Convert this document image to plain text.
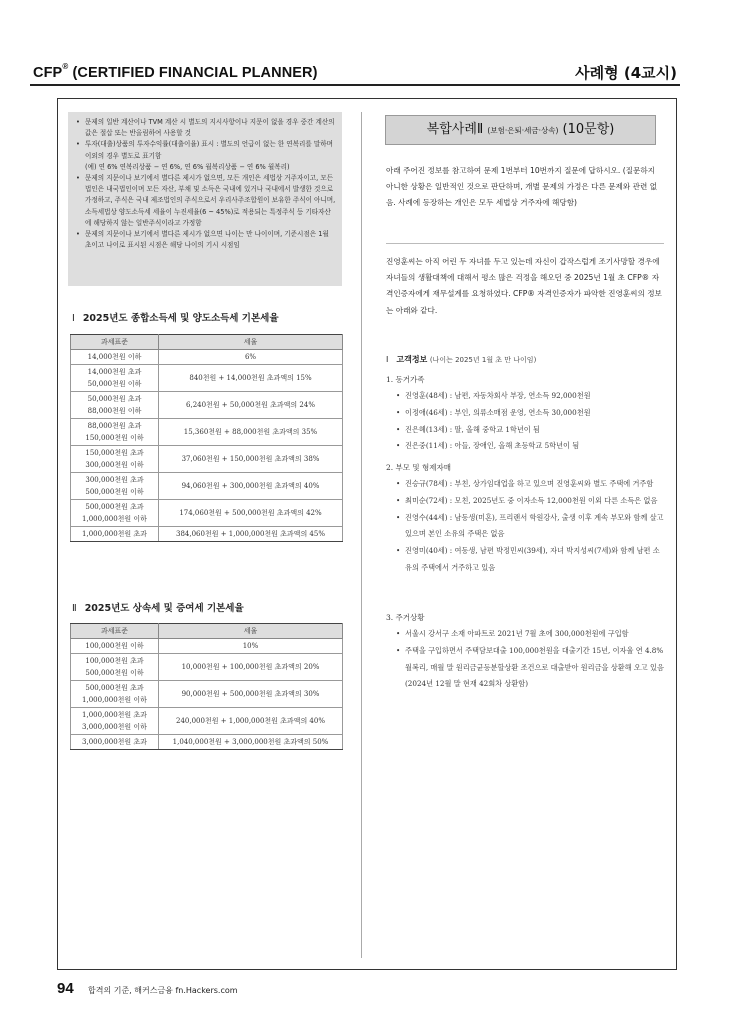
CFP® (CERTIFIED FINANCIAL PLANNER)	사례형 (4교시)
• 문제의 일반 계산이나 TVM 계산 시 별도의 지시사항이나 지문이 없을 경우 중간 계산의 값은 절삽 또는 반올림하여 사용할 것
• 투자(대출)상품의 투자수익률(대출이율) 표시 : 별도의 언급이 없는 한 연복리를 말하며 이외의 경우 별도로 표기함
(예) 연 6% 연복리상품 − 연 6%, 연 6% 월복리상품 − 연 6% 월복리)
• 문제의 지문이나 보기에서 별다른 제시가 없으면, 모든 개인은 세법상 거주자이고, 모든 법인은 내국법인이며 모든 자산, 부채 및 소득은 국내에 있거나 국내에서 발생한 것으로 가정하고, 주식은 국내 제조법인의 주식으로서 우리사주조합원이 보유한 주식이 아니며, 소득세법상 양도소득세 세율이 누진세율(6 ~ 45%)로 적용되는 특정주식 등 기타자산에 해당하지 않는 일반주식이라고 가정함
• 문제의 지문이나 보기에서 별다른 제시가 없으면 나이는 만 나이이며, 기준시점은 1월 초이고 나이로 표시된 시점은 해당 나이의 기시 시점임
Ⅰ 2025년도 종합소득세 및 양도소득세 기본세율
과세표준	세율
14,000천원 이하	6%
14,000천원 초과
50,000천원 이하	840천원 + 14,000천원 초과액의 15%
50,000천원 초과
88,000천원 이하	6,240천원 + 50,000천원 초과액의 24%
88,000천원 초과
150,000천원 이하	15,360천원 + 88,000천원 초과액의 35%
150,000천원 초과
300,000천원 이하	37,060천원 + 150,000천원 초과액의 38%
300,000천원 초과
500,000천원 이하	94,060천원 + 300,000천원 초과액의 40%
500,000천원 초과
1,000,000천원 이하	174,060천원 + 500,000천원 초과액의 42%
1,000,000천원 초과	384,060천원 + 1,000,000천원 초과액의 45%
Ⅱ 2025년도 상속세 및 증여세 기본세율
과세표준	세율
100,000천원 이하	10%
100,000천원 초과
500,000천원 이하	10,000천원 + 100,000천원 초과액의 20%
500,000천원 초과
1,000,000천원 이하	90,000천원 + 500,000천원 초과액의 30%
1,000,000천원 초과
3,000,000천원 이하	240,000천원 + 1,000,000천원 초과액의 40%
3,000,000천원 초과	1,040,000천원 + 3,000,000천원 초과액의 50%
복합사례Ⅱ (보험·은퇴·세금·상속) (10문항)
아래 주어진 정보를 참고하여 문제 1번부터 10번까지 질문에 답하시오. (질문하지 아니한 상황은 일반적인 것으로 판단하며, 개별 문제의 가정은 다른 문제와 관련 없음. 사례에 등장하는 개인은 모두 세법상 거주자에 해당함)
진영훈씨는 아직 어린 두 자녀를 두고 있는데 자신이 갑작스럽게 조기사망할 경우에 자녀들의 생활대책에 대해서 평소 많은 걱정을 해오던 중 2025년 1월 초 CFP® 자격인증자에게 재무설계를 요청하였다. CFP® 자격인증자가 파악한 진영훈씨의 정보는 아래와 같다.
Ⅰ 고객정보 (나이는 2025년 1월 초 만 나이임)
1. 동거가족
• 진영훈(48세) : 남편, 자동차회사 부장, 연소득 92,000천원
• 이정애(46세) : 부인, 의류소매점 운영, 연소득 30,000천원
• 진은혜(13세) : 딸, 올해 중학교 1학년이 됨
• 진은중(11세) : 아들, 장애인, 올해 초등학교 5학년이 됨
2. 부모 및 형제자매
• 진승규(78세) : 부친, 상가임대업을 하고 있으며 진영훈씨와 별도 주택에 거주함
• 최미순(72세) : 모친, 2025년도 중 이자소득 12,000천원 이외 다른 소득은 없음
• 진영수(44세) : 남동생(미혼), 프리랜서 학원강사, 출생 이후 계속 부모와 함께 살고 있으며 본인 소유의 주택은 없음
• 진영미(40세) : 여동생, 남편 박정민씨(39세), 자녀 박지성씨(7세)와 함께 남편 소유의 주택에서 거주하고 있음
3. 주거상황
• 서울시 강서구 소재 아파트로 2021년 7월 초에 300,000천원에 구입함
• 주택을 구입하면서 주택담보대출 100,000천원을 대출기간 15년, 이자율 연 4.8% 월복리, 매월 말 원리금균등분할상환 조건으로 대출받아 원리금을 상환해 오고 있음(2024년 12월 말 현재 42회차 상환함)
94 합격의 기준, 해커스금융 fn.Hackers.com
